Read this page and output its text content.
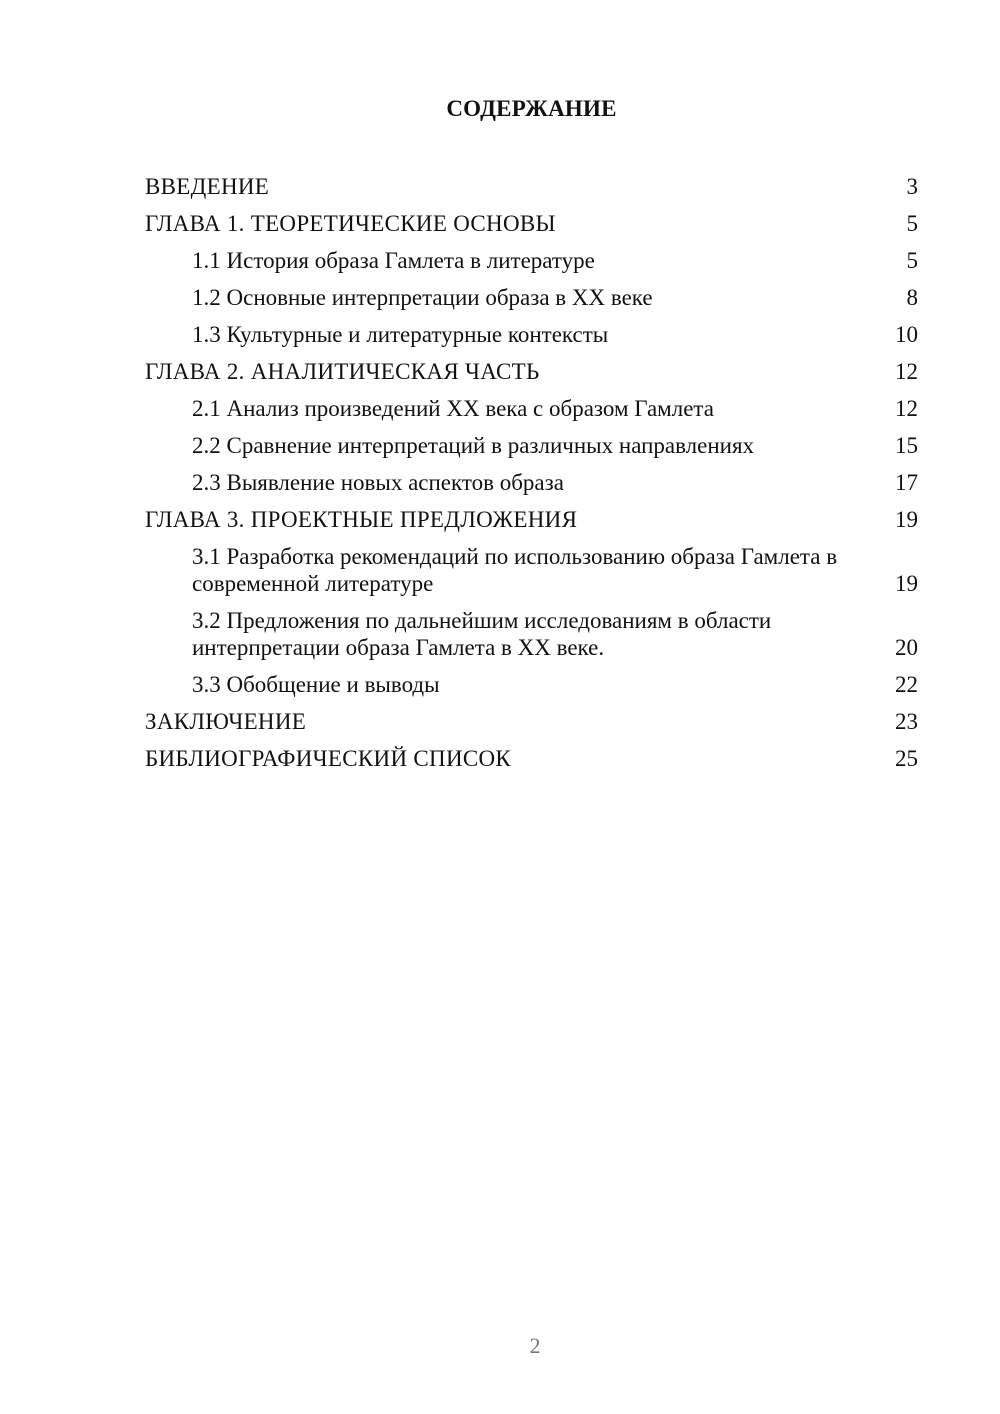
СОДЕРЖАНИЕ
ВВЕДЕНИЕ	3
ГЛАВА 1. ТЕОРЕТИЧЕСКИЕ ОСНОВЫ	5
1.1 История образа Гамлета в литературе	5
1.2 Основные интерпретации образа в XX веке	8
1.3 Культурные и литературные контексты	10
ГЛАВА 2. АНАЛИТИЧЕСКАЯ ЧАСТЬ	12
2.1 Анализ произведений XX века с образом Гамлета	12
2.2 Сравнение интерпретаций в различных направлениях	15
2.3 Выявление новых аспектов образа	17
ГЛАВА 3. ПРОЕКТНЫЕ ПРЕДЛОЖЕНИЯ	19
3.1 Разработка рекомендаций по использованию образа Гамлета в современной литературе	19
3.2 Предложения по дальнейшим исследованиям в области интерпретации образа Гамлета в XX веке.	20
3.3 Обобщение и выводы	22
ЗАКЛЮЧЕНИЕ	23
БИБЛИОГРАФИЧЕСКИЙ СПИСОК	25
2
